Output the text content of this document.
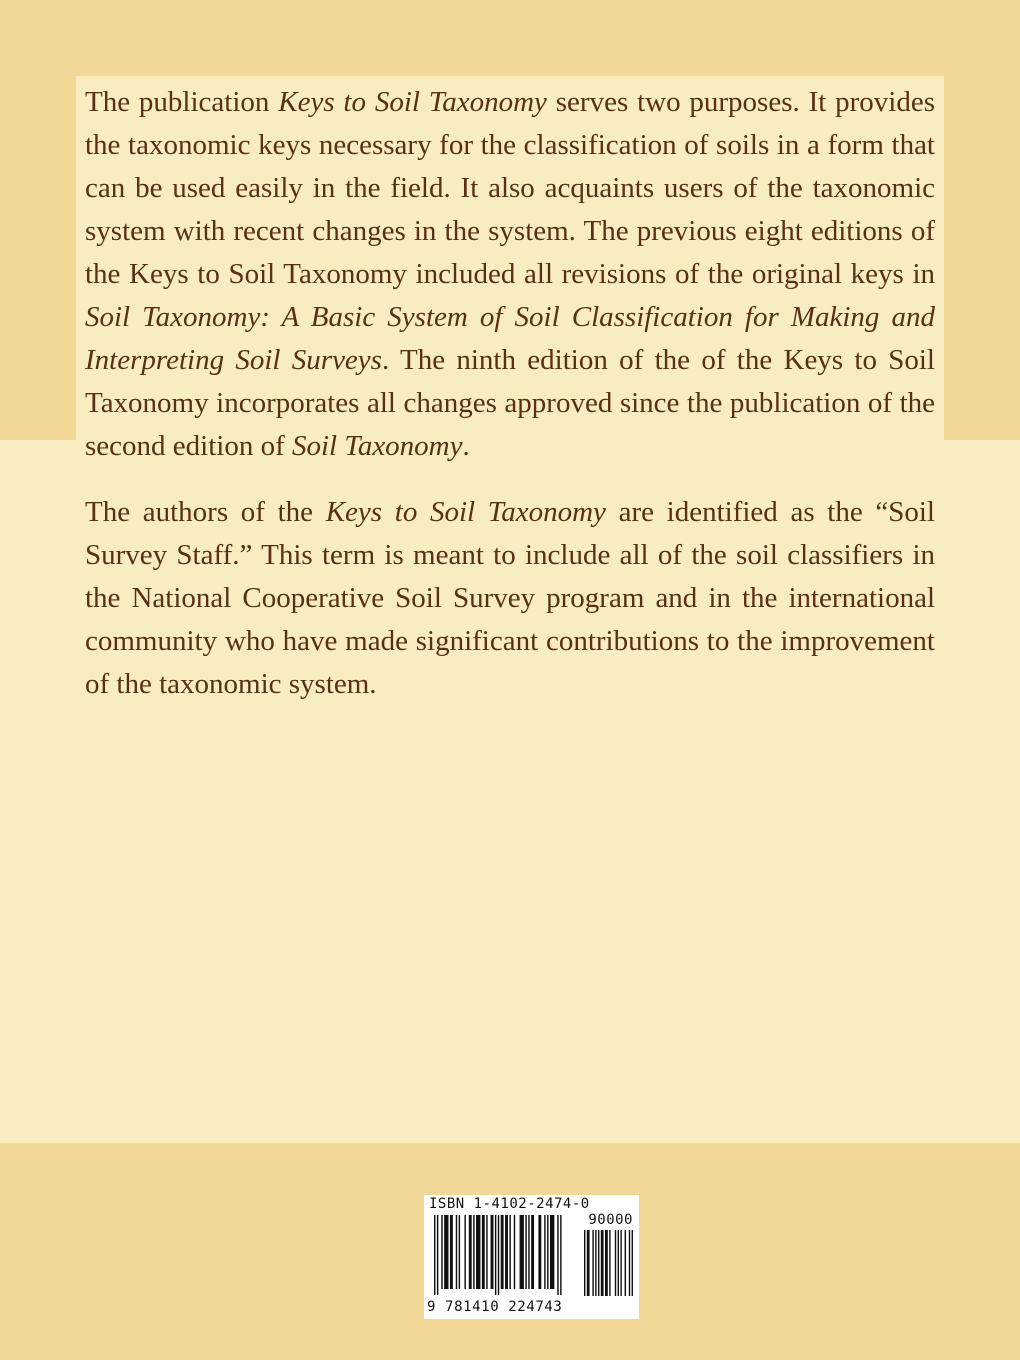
The publication Keys to Soil Taxonomy serves two purposes. It provides the taxonomic keys necessary for the classification of soils in a form that can be used easily in the field. It also acquaints users of the taxonomic system with recent changes in the system. The previous eight editions of the Keys to Soil Taxonomy included all revisions of the original keys in Soil Taxonomy: A Basic System of Soil Classification for Making and Interpreting Soil Surveys. The ninth edition of the of the Keys to Soil Taxonomy incorporates all changes approved since the publication of the second edition of Soil Taxonomy.
The authors of the Keys to Soil Taxonomy are identified as the “Soil Survey Staff.” This term is meant to include all of the soil classifiers in the National Cooperative Soil Survey program and in the international community who have made significant contributions to the improvement of the taxonomic system.
ISBN 1-4102-2474-0
90000
9 781410 224743
